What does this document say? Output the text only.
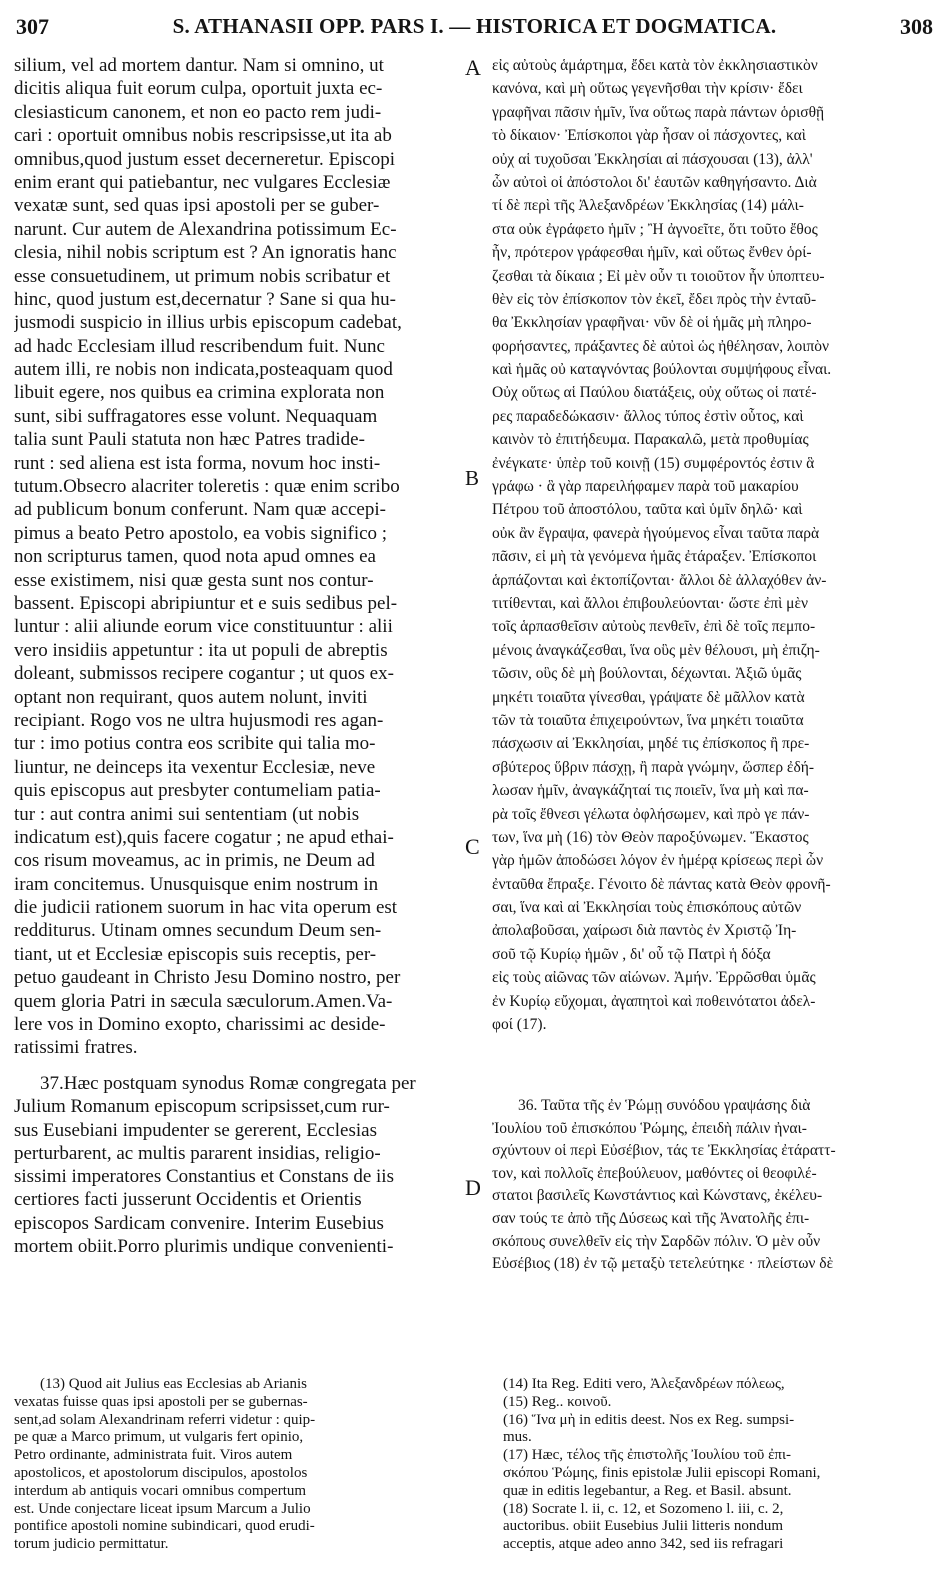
307	S. ATHANASII OPP. PARS I. — HISTORICA ET DOGMATICA.	308
A
B
C
D
silium, vel ad mortem dantur. Nam si omnino, ut
dicitis aliqua fuit eorum culpa, oportuit juxta ec-
clesiasticum canonem, et non eo pacto rem judi-
cari : oportuit omnibus nobis rescripsisse,ut ita ab
omnibus,quod justum esset decerneretur. Episcopi
enim erant qui patiebantur, nec vulgares Ecclesiæ
vexatæ sunt, sed quas ipsi apostoli per se guber-
narunt. Cur autem de Alexandrina potissimum Ec-
clesia, nihil nobis scriptum est ? An ignoratis hanc
esse consuetudinem, ut primum nobis scribatur et
hinc, quod justum est,decernatur ? Sane si qua hu-
jusmodi suspicio in illius urbis episcopum cadebat,
ad hadc Ecclesiam illud rescribendum fuit. Nunc
autem illi, re nobis non indicata,posteaquam quod
libuit egere, nos quibus ea crimina explorata non
sunt, sibi suffragatores esse volunt. Nequaquam
talia sunt Pauli statuta non hæc Patres tradide-
runt : sed aliena est ista forma, novum hoc insti-
tutum.Obsecro alacriter toleretis : quæ enim scribo
ad publicum bonum conferunt. Nam quæ accepi-
pimus a beato Petro apostolo, ea vobis significo ;
non scripturus tamen, quod nota apud omnes ea
esse existimem, nisi quæ gesta sunt nos contur-
bassent. Episcopi abripiuntur et e suis sedibus pel-
luntur : alii aliunde eorum vice constituuntur : alii
vero insidiis appetuntur : ita ut populi de abreptis
doleant, submissos recipere cogantur ; ut quos ex-
optant non requirant, quos autem nolunt, inviti
recipiant. Rogo vos ne ultra hujusmodi res agan-
tur : imo potius contra eos scribite qui talia mo-
liuntur, ne deinceps ita vexentur Ecclesiæ, neve
quis episcopus aut presbyter contumeliam patia-
tur : aut contra animi sui sententiam (ut nobis
indicatum est),quis facere cogatur ; ne apud ethai-
cos risum moveamus, ac in primis, ne Deum ad
iram concitemus. Unusquisque enim nostrum in
die judicii rationem suorum in hac vita operum est
redditurus. Utinam omnes secundum Deum sen-
tiant, ut et Ecclesiæ episcopis suis receptis, per-
petuo gaudeant in Christo Jesu Domino nostro, per
quem gloria Patri in sæcula sæculorum.Amen.Va-
lere vos in Domino exopto, charissimi ac deside-
ratissimi fratres.
37.Hæc postquam synodus Romæ congregata per
Julium Romanum episcopum scripsisset,cum rur-
sus Eusebiani impudenter se gererent, Ecclesias
perturbarent, ac multis pararent insidias, religio-
sissimi imperatores Constantius et Constans de iis
certiores facti jusserunt Occidentis et Orientis
episcopos Sardicam convenire. Interim Eusebius
mortem obiit.Porro plurimis undique convenienti-
(13) Quod ait Julius eas Ecclesias ab Arianis
vexatas fuisse quas ipsi apostoli per se gubernas-
sent,ad solam Alexandrinam referri videtur : quip-
pe quæ a Marco primum, ut vulgaris fert opinio,
Petro ordinante, administrata fuit. Viros autem
apostolicos, et apostolorum discipulos, apostolos
interdum ab antiquis vocari omnibus compertum
est. Unde conjectare liceat ipsum Marcum a Julio
pontifice apostoli nomine subindicari, quod erudi-
torum judicio permittatur.
εἰς αὐτοὺς ἁμάρτημα, ἔδει κατὰ τὸν ἐκκλησιαστικὸν
κανόνα, καὶ μὴ οὕτως γεγενῆσθαι τὴν κρίσιν· ἔδει
γραφῆναι πᾶσιν ἡμῖν, ἵνα οὕτως παρὰ πάντων ὁρισθῇ
τὸ δίκαιον· Ἐπίσκοποι γὰρ ἦσαν οἱ πάσχοντες, καὶ
οὐχ αἱ τυχοῦσαι Ἐκκλησίαι αἱ πάσχουσαι (13), ἀλλ'
ὧν αὐτοὶ οἱ ἀπόστολοι δι' ἑαυτῶν καθηγήσαντο. Διὰ
τί δὲ περὶ τῆς Ἀλεξανδρέων Ἐκκλησίας (14) μάλι-
στα οὐκ ἐγράφετο ἡμῖν ; Ἢ ἀγνοεῖτε, ὅτι τοῦτο ἔθος
ἦν, πρότερον γράφεσθαι ἡμῖν, καὶ οὕτως ἔνθεν ὁρί-
ζεσθαι τὰ δίκαια ; Εἰ μὲν οὖν τι τοιοῦτον ἦν ὑποπτευ-
θὲν εἰς τὸν ἐπίσκοπον τὸν ἐκεῖ, ἔδει πρὸς τὴν ἐνταῦ-
θα Ἐκκλησίαν γραφῆναι· νῦν δὲ οἱ ἡμᾶς μὴ πληρο-
φορήσαντες, πράξαντες δὲ αὐτοὶ ὡς ἠθέλησαν, λοιπὸν
καὶ ἡμᾶς οὐ καταγνόντας βούλονται συμψήφους εἶναι.
Οὐχ οὕτως αἱ Παύλου διατάξεις, οὐχ οὕτως οἱ πατέ-
ρες παραδεδώκασιν· ἄλλος τύπος ἐστὶν οὗτος, καὶ
καινὸν τὸ ἐπιτήδευμα. Παρακαλῶ, μετὰ προθυμίας
ἐνέγκατε· ὑπὲρ τοῦ κοινῇ (15) συμφέροντός ἐστιν ἃ
γράφω · ἃ γὰρ παρειλήφαμεν παρὰ τοῦ μακαρίου
Πέτρου τοῦ ἀποστόλου, ταῦτα καὶ ὑμῖν δηλῶ· καὶ
οὐκ ἂν ἔγραψα, φανερὰ ἡγούμενος εἶναι ταῦτα παρὰ
πᾶσιν, εἰ μὴ τὰ γενόμενα ἡμᾶς ἐτάραξεν. Ἐπίσκοποι
ἁρπάζονται καὶ ἐκτοπίζονται· ἄλλοι δὲ ἀλλαχόθεν ἀν-
τιτίθενται, καὶ ἄλλοι ἐπιβουλεύονται· ὥστε ἐπὶ μὲν
τοῖς ἁρπασθεῖσιν αὐτοὺς πενθεῖν, ἐπὶ δὲ τοῖς πεμπο-
μένοις ἀναγκάζεσθαι, ἵνα οὓς μὲν θέλουσι, μὴ ἐπιζη-
τῶσιν, οὓς δὲ μὴ βούλονται, δέχωνται. Ἀξιῶ ὑμᾶς
μηκέτι τοιαῦτα γίνεσθαι, γράψατε δὲ μᾶλλον κατὰ
τῶν τὰ τοιαῦτα ἐπιχειρούντων, ἵνα μηκέτι τοιαῦτα
πάσχωσιν αἱ Ἐκκλησίαι, μηδέ τις ἐπίσκοπος ἢ πρε-
σβύτερος ὕβριν πάσχῃ, ἢ παρὰ γνώμην, ὥσπερ ἐδή-
λωσαν ἡμῖν, ἀναγκάζηταί τις ποιεῖν, ἵνα μὴ καὶ πα-
ρὰ τοῖς ἔθνεσι γέλωτα ὀφλήσωμεν, καὶ πρὸ γε πάν-
των, ἵνα μὴ (16) τὸν Θεὸν παροξύνωμεν. Ἕκαστος
γὰρ ἡμῶν ἀποδώσει λόγον ἐν ἡμέρᾳ κρίσεως περὶ ὧν
ἐνταῦθα ἔπραξε. Γένοιτο δὲ πάντας κατὰ Θεὸν φρονῆ-
σαι, ἵνα καὶ αἱ Ἐκκλησίαι τοὺς ἐπισκόπους αὐτῶν
ἀπολαβοῦσαι, χαίρωσι διὰ παντὸς ἐν Χριστῷ Ἰη-
σοῦ τῷ Κυρίῳ ἡμῶν , δι' οὗ τῷ Πατρὶ ἡ δόξα
εἰς τοὺς αἰῶνας τῶν αἰώνων. Ἀμήν. Ἐρρῶσθαι ὑμᾶς
ἐν Κυρίῳ εὔχομαι, ἀγαπητοὶ καὶ ποθεινότατοι ἀδελ-
φοί (17).
36. Ταῦτα τῆς ἐν Ῥώμῃ συνόδου γραψάσης διὰ
Ἰουλίου τοῦ ἐπισκόπου Ῥώμης, ἐπειδὴ πάλιν ἠναι-
σχύντουν οἱ περὶ Εὐσέβιον, τάς τε Ἐκκλησίας ἐτάραττ-
τον, καὶ πολλοῖς ἐπεβούλευον, μαθόντες οἱ θεοφιλέ-
στατοι βασιλεῖς Κωνστάντιος καὶ Κώνστανς, ἐκέλευ-
σαν τούς τε ἀπὸ τῆς Δύσεως καὶ τῆς Ἀνατολῆς ἐπι-
σκόπους συνελθεῖν εἰς τὴν Σαρδῶν πόλιν. Ὁ μὲν οὖν
Εὐσέβιος (18) ἐν τῷ μεταξὺ τετελεύτηκε · πλείστων δὲ
(14) Ita Reg. Editi vero, Ἀλεξανδρέων πόλεως,
(15) Reg.. κοινοῦ.
(16) Ἵνα μὴ in editis deest. Nos ex Reg. sumpsi-
mus.
(17) Hæc, τέλος τῆς ἐπιστολῆς Ἰουλίου τοῦ ἐπι-
σκόπου Ῥώμης, finis epistolæ Julii episcopi Romani,
quæ in editis legebantur, a Reg. et Basil. absunt.
(18) Socrate l. ii, c. 12, et Sozomeno l. iii, c. 2,
auctoribus. obiit Eusebius Julii litteris nondum
acceptis, atque adeo anno 342, sed iis refragari
